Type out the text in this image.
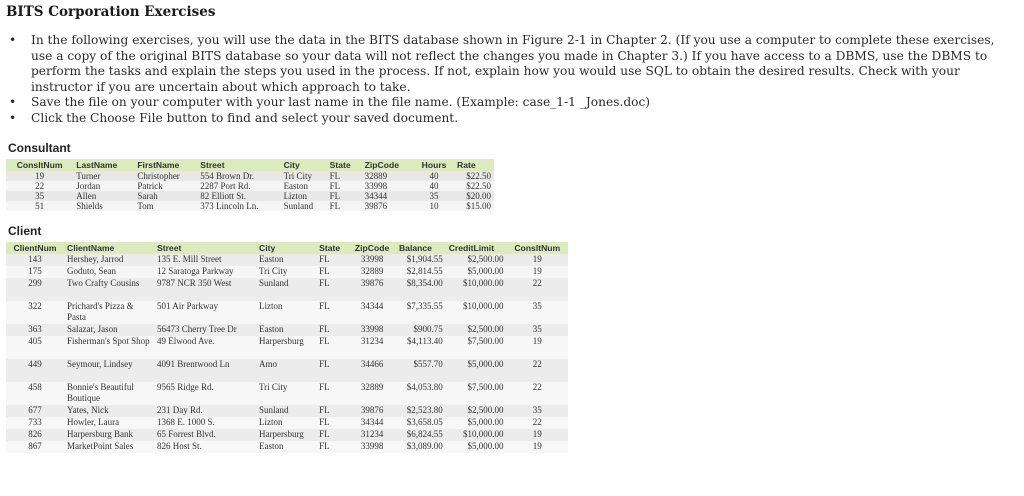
BITS Corporation Exercises
•	In the following exercises, you will use the data in the BITS database shown in Figure 2-1 in Chapter 2. (If you use a computer to complete these exercises, use a copy of the original BITS database so your data will not reflect the changes you made in Chapter 3.) If you have access to a DBMS, use the DBMS to perform the tasks and explain the steps you used in the process. If not, explain how you would use SQL to obtain the desired results. Check with your instructor if you are uncertain about which approach to take.
•	Save the file on your computer with your last name in the file name. (Example: case_1-1 _Jones.doc)
•	Click the Choose File button to find and select your saved document.
Consultant
ConsltNum	LastName	FirstName	Street	City	State	ZipCode	Hours	Rate
19	Turner	Christopher	554 Brown Dr.	Tri City	FL	32889	40	$22.50
22	Jordan	Patrick	2287 Port Rd.	Easton	FL	33998	40	$22.50
35	Allen	Sarah	82 Elliott St.	Lizton	FL	34344	35	$20.00
51	Shields	Tom	373 Lincoln Ln.	Sunland	FL	39876	10	$15.00
Client
ClientNum	ClientName	Street	City	State	ZipCode	Balance	CreditLimit	ConsltNum
143	Hershey, Jarrod	135 E. Mill Street	Easton	FL	33998	$1,904.55	$2,500.00	19
175	Goduto, Sean	12 Saratoga Parkway	Tri City	FL	32889	$2,814.55	$5,000.00	19
299	Two Crafty Cousins	9787 NCR 350 West	Sunland	FL	39876	$8,354.00	$10,000.00	22
322	Prichard's Pizza & Pasta	501 Air Parkway	Lizton	FL	34344	$7,335.55	$10,000.00	35
363	Salazar, Jason	56473 Cherry Tree Dr	Easton	FL	33998	$900.75	$2,500.00	35
405	Fisherman's Spot Shop	49 Elwood Ave.	Harpersburg	FL	31234	$4,113.40	$7,500.00	19
449	Seymour, Lindsey	4091 Brentwood Ln	Amo	FL	34466	$557.70	$5,000.00	22
458	Bonnie's Beautiful Boutique	9565 Ridge Rd.	Tri City	FL	32889	$4,053.80	$7,500.00	22
677	Yates, Nick	231 Day Rd.	Sunland	FL	39876	$2,523.80	$2,500.00	35
733	Howler, Laura	1368 E. 1000 S.	Lizton	FL	34344	$3,658.05	$5,000.00	22
826	Harpersburg Bank	65 Forrest Blvd.	Harpersburg	FL	31234	$6,824.55	$10,000.00	19
867	MarketPoint Sales	826 Host St.	Easton	FL	33998	$3,089.00	$5,000.00	19
